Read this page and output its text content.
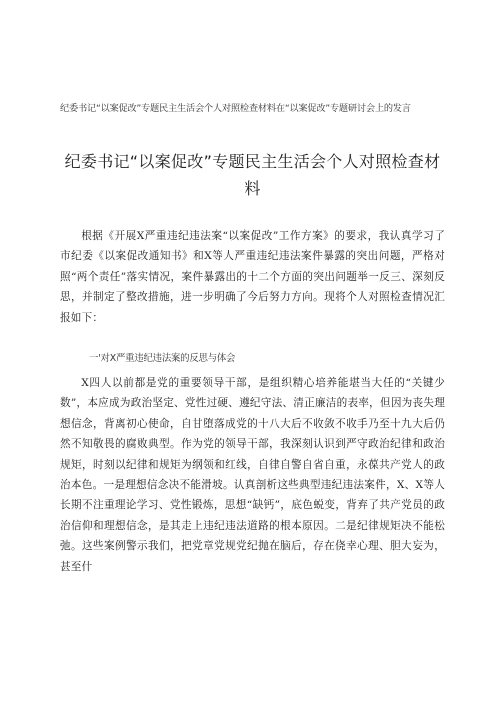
纪委书记“以案促改”专题民主生活会个人对照检查材料在“以案促改”专题研讨会上的发言
纪委书记“以案促改”专题民主生活会个人对照检查材料

根据《开展X严重违纪违法案“以案促改”工作方案》的要求，我认真学习了市纪委《以案促改通知书》和X等人严重违纪违法案件暴露的突出问题，严格对照“两个责任”落实情况，案件暴露出的十二个方面的突出问题举一反三、深刻反思，并制定了整改措施，进一步明确了今后努力方向。现将个人对照检查情况汇报如下：

一'对X严重违纪违法案的反思与体会

X四人以前都是党的重要领导干部，是组织精心培养能堪当大任的“关键少数”，本应成为政治坚定、党性过硬、遵纪守法、清正廉洁的表率，但因为丧失理想信念，背离初心使命，自甘堕落成党的十八大后不收敛不收手乃至十九大后仍然不知敬畏的腐败典型。作为党的领导干部，我深刻认识到严守政治纪律和政治规矩，时刻以纪律和规矩为纲领和红线，自律自警自省自重，永葆共产党人的政治本色。一是理想信念决不能滑坡。认真剖析这些典型违纪违法案件，X、X等人长期不注重理论学习、党性锻炼，思想“缺钙”，底色蜕变，背弃了共产党员的政治信仰和理想信念，是其走上违纪违法道路的根本原因。二是纪律规矩决不能松弛。这些案例警示我们，把党章党规党纪抛在脑后，存在侥幸心理、胆大妄为，甚至什
